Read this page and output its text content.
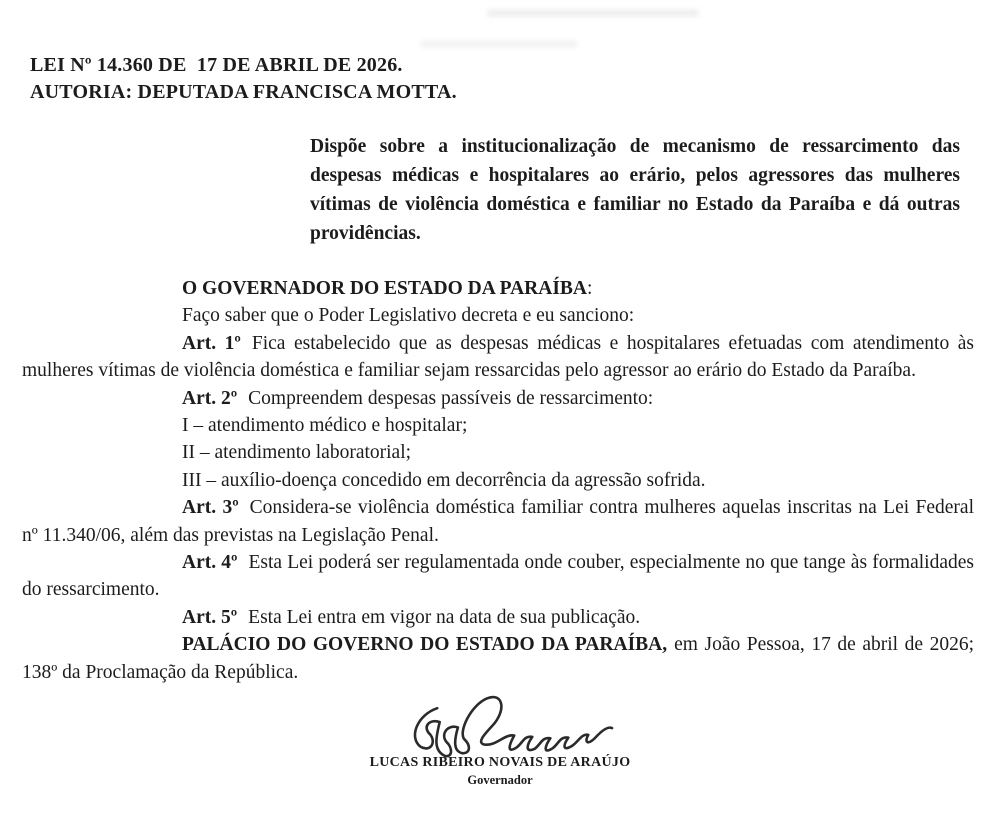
LEI Nº 14.360 DE  17 DE ABRIL DE 2026.
AUTORIA: DEPUTADA FRANCISCA MOTTA.

Dispõe sobre a institucionalização de mecanismo de ressarcimento das despesas médicas e hospitalares ao erário, pelos agressores das mulheres vítimas de violência doméstica e familiar no Estado da Paraíba e dá outras providências.

O GOVERNADOR DO ESTADO DA PARAÍBA:

Faço saber que o Poder Legislativo decreta e eu sanciono:

Art. 1º Fica estabelecido que as despesas médicas e hospitalares efetuadas com atendimento às mulheres vítimas de violência doméstica e familiar sejam ressarcidas pelo agressor ao erário do Estado da Paraíba.

Art. 2º Compreendem despesas passíveis de ressarcimento:

I – atendimento médico e hospitalar;

II – atendimento laboratorial;

III – auxílio-doença concedido em decorrência da agressão sofrida.

Art. 3º Considera-se violência doméstica familiar contra mulheres aquelas inscritas na Lei Federal nº 11.340/06, além das previstas na Legislação Penal.

Art. 4º Esta Lei poderá ser regulamentada onde couber, especialmente no que tange às formalidades do ressarcimento.

Art. 5º Esta Lei entra em vigor na data de sua publicação.

PALÁCIO DO GOVERNO DO ESTADO DA PARAÍBA, em João Pessoa, 17 de abril de 2026; 138º da Proclamação da República.

LUCAS RIBEIRO NOVAIS DE ARAÚJO
Governador
